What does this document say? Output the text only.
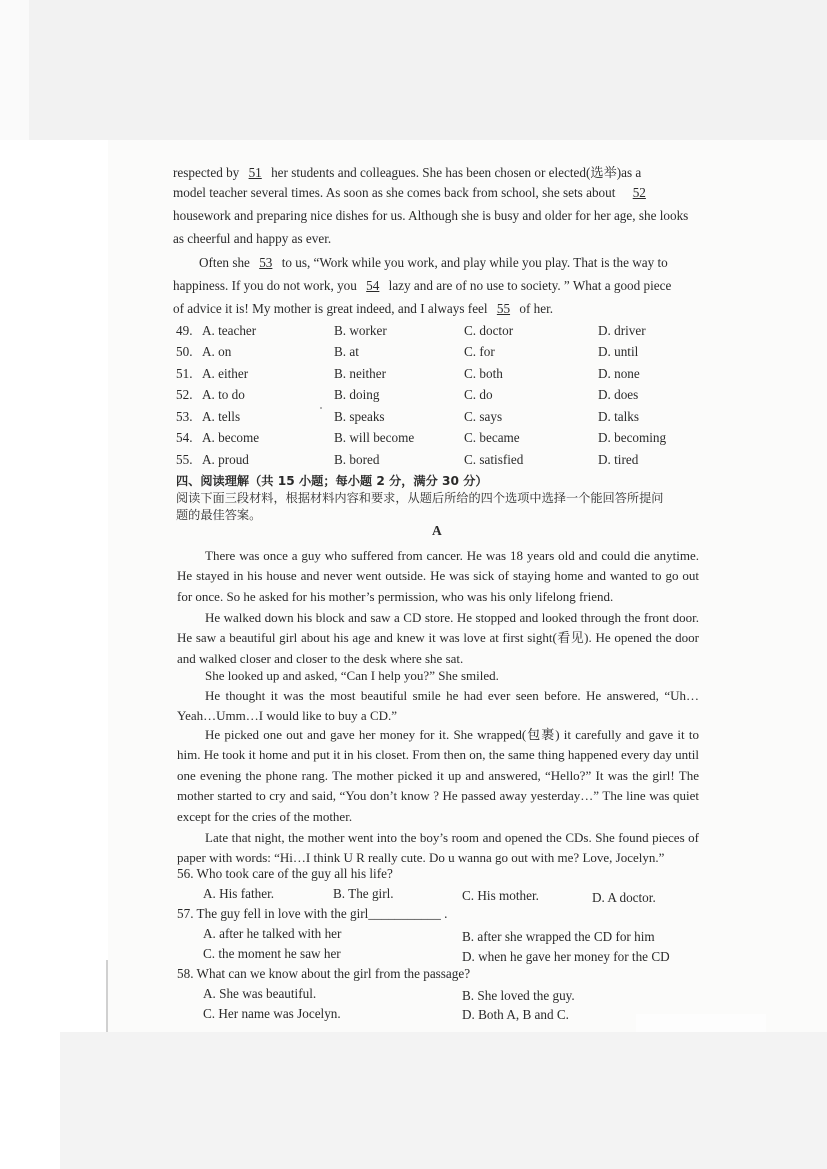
respected by 51 her students and colleagues. She has been chosen or elected(选举)as a
model teacher several times. As soon as she comes back from school, she sets about 52
housework and preparing nice dishes for us. Although she is busy and older for her age, she looks
as cheerful and happy as ever.
Often she 53 to us, “Work while you work, and play while you play. That is the way to
happiness. If you do not work, you 54 lazy and are of no use to society. ” What a good piece
of advice it is! My mother is great indeed, and I always feel 55 of her.
49. A. teacher	B. worker	C. doctor	D. driver
50. A. on	B. at	C. for	D. until
51. A. either	B. neither	C. both	D. none
52. A. to do	B. doing	C. do	D. does
53. A. tells	B. speaks	C. says	D. talks
54. A. become	B. will become	C. became	D. becoming
55. A. proud	B. bored	C. satisfied	D. tired
四、阅读理解（共 15 小题；每小题 2 分，满分 30 分）
阅读下面三段材料，根据材料内容和要求，从题后所给的四个选项中选择一个能回答所提问
题的最佳答案。
A
There was once a guy who suffered from cancer. He was 18 years old and could die anytime. He stayed in his house and never went outside. He was sick of staying home and wanted to go out for once. So he asked for his mother’s permission, who was his only lifelong friend.
He walked down his block and saw a CD store. He stopped and looked through the front door. He saw a beautiful girl about his age and knew it was love at first sight(看见). He opened the door and walked closer and closer to the desk where she sat.
She looked up and asked, “Can I help you?” She smiled.
He thought it was the most beautiful smile he had ever seen before. He answered, “Uh…Yeah…Umm…I would like to buy a CD.”
He picked one out and gave her money for it. She wrapped(包裹) it carefully and gave it to him. He took it home and put it in his closet. From then on, the same thing happened every day until one evening the phone rang. The mother picked it up and answered, “Hello?” It was the girl! The mother started to cry and said, “You don’t know ? He passed away yesterday…” The line was quiet except for the cries of the mother.
Late that night, the mother went into the boy’s room and opened the CDs. She found pieces of paper with words: “Hi…I think U R really cute. Do u wanna go out with me? Love, Jocelyn.”
56. Who took care of the guy all his life?
A. His father.	B. The girl.	C. His mother.	D. A doctor.
57. The guy fell in love with the girl___________ .
A. after he talked with her	B. after she wrapped the CD for him
C. the moment he saw her	D. when he gave her money for the CD
58. What can we know about the girl from the passage?
A. She was beautiful.	B. She loved the guy.
C. Her name was Jocelyn.	D. Both A, B and C.
